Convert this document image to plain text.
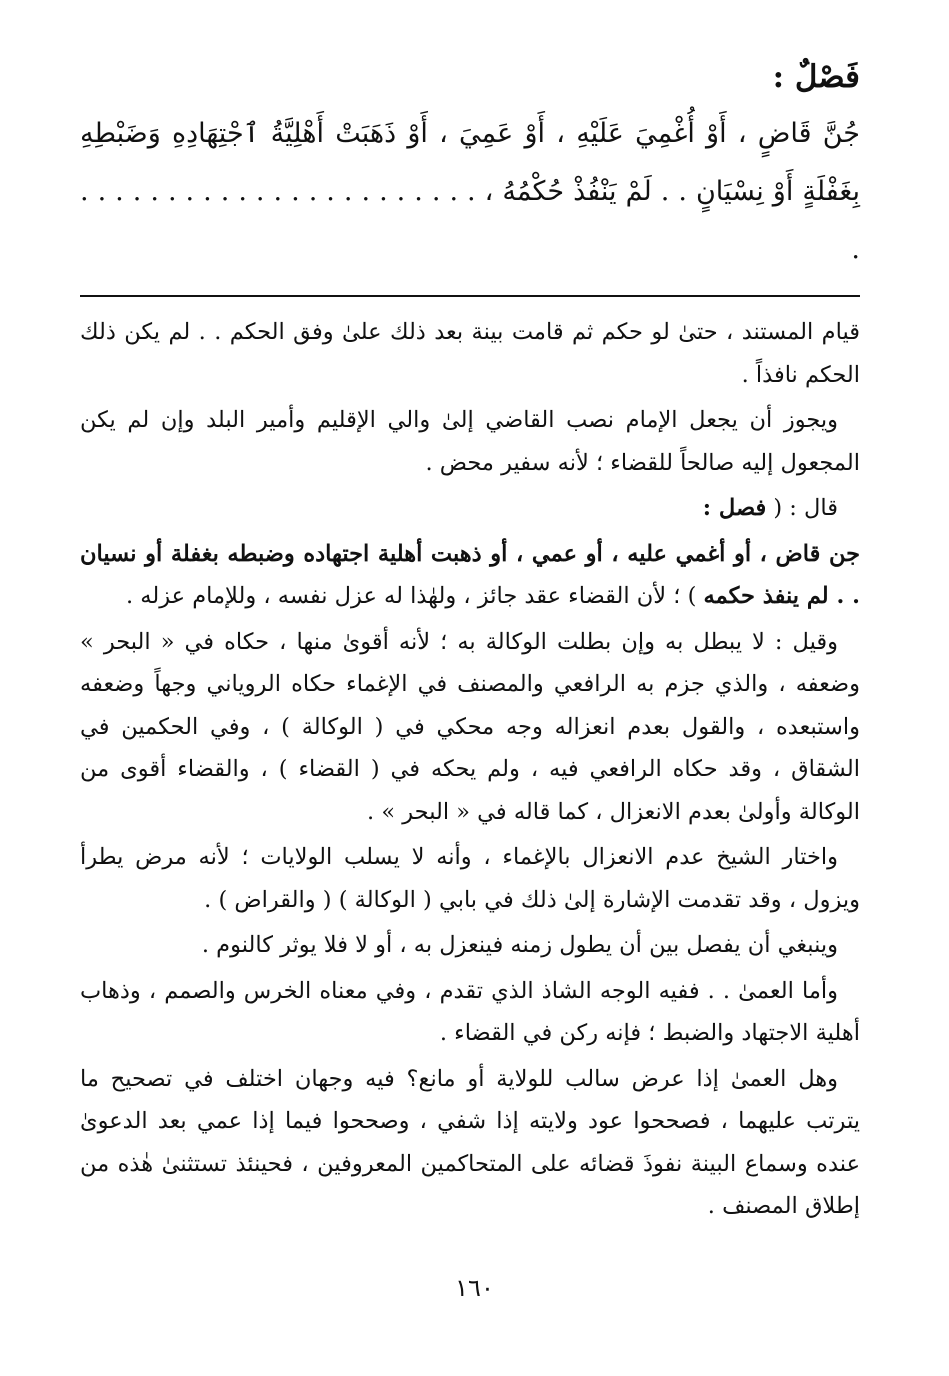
فَصْلٌ :

جُنَّ قَاضٍ ، أَوْ أُغْمِيَ عَلَيْهِ ، أَوْ عَمِيَ ، أَوْ ذَهَبَتْ أَهْلِيَّةُ ٱجْتِهَادِهِ وَضَبْطِهِ بِغَفْلَةٍ أَوْ نِسْيَانٍ . . لَمْ يَنْفُذْ حُكْمُهُ ، . . . . . . . . . . . . . . . . . . . . . . . .

قيام المستند ، حتىٰ لو حكم ثم قامت بينة بعد ذلك علىٰ وفق الحكم . . لم يكن ذلك الحكم نافذاً .

ويجوز أن يجعل الإمام نصب القاضي إلىٰ والي الإقليم وأمير البلد وإن لم يكن المجعول إليه صالحاً للقضاء ؛ لأنه سفير محض .

قال : ( فصل :

جن قاض ، أو أغمي عليه ، أو عمي ، أو ذهبت أهلية اجتهاده وضبطه بغفلة أو نسيان . . لم ينفذ حكمه ) ؛ لأن القضاء عقد جائز ، ولهٰذا له عزل نفسه ، وللإمام عزله .

وقيل : لا يبطل به وإن بطلت الوكالة به ؛ لأنه أقوىٰ منها ، حكاه في « البحر » وضعفه ، والذي جزم به الرافعي والمصنف في الإغماء حكاه الروياني وجهاً وضعفه واستبعده ، والقول بعدم انعزاله وجه محكي في ( الوكالة ) ، وفي الحكمين في الشقاق ، وقد حكاه الرافعي فيه ، ولم يحكه في ( القضاء ) ، والقضاء أقوى من الوكالة وأولىٰ بعدم الانعزال ، كما قاله في « البحر » .

واختار الشيخ عدم الانعزال بالإغماء ، وأنه لا يسلب الولايات ؛ لأنه مرض يطرأ ويزول ، وقد تقدمت الإشارة إلىٰ ذلك في بابي ( الوكالة ) ( والقراض ) .

وينبغي أن يفصل بين أن يطول زمنه فينعزل به ، أو لا فلا يوثر كالنوم .

وأما العمىٰ . . ففيه الوجه الشاذ الذي تقدم ، وفي معناه الخرس والصمم ، وذهاب أهلية الاجتهاد والضبط ؛ فإنه ركن في القضاء .

وهل العمىٰ إذا عرض سالب للولاية أو مانع؟ فيه وجهان اختلف في تصحيح ما يترتب عليهما ، فصححوا عود ولايته إذا شفي ، وصححوا فيما إذا عمي بعد الدعوىٰ عنده وسماع البينة نفوذَ قضائه على المتحاكمين المعروفين ، فحينئذ تستثنىٰ هٰذه من إطلاق المصنف .

١٦٠
